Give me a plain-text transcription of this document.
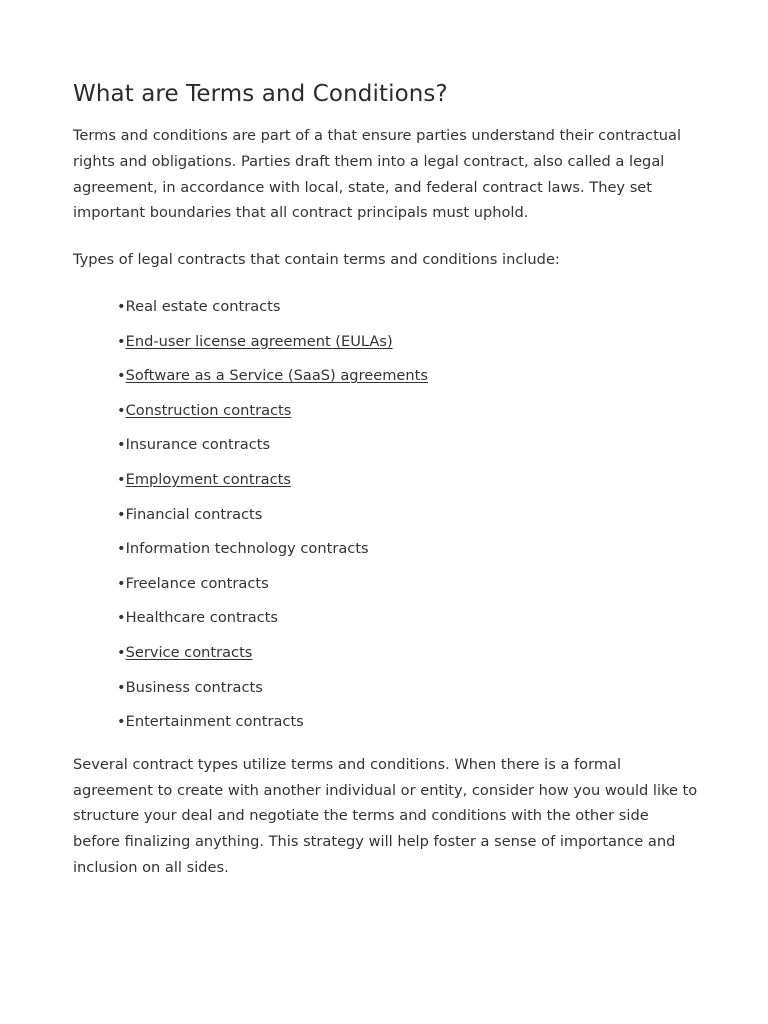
What are Terms and Conditions?

Terms and conditions are part of a that ensure parties understand their contractual rights and obligations. Parties draft them into a legal contract, also called a legal agreement, in accordance with local, state, and federal contract laws. They set important boundaries that all contract principals must uphold.

Types of legal contracts that contain terms and conditions include:

•Real estate contracts
•End-user license agreement (EULAs)
•Software as a Service (SaaS) agreements
•Construction contracts
•Insurance contracts
•Employment contracts
•Financial contracts
•Information technology contracts
•Freelance contracts
•Healthcare contracts
•Service contracts
•Business contracts
•Entertainment contracts

Several contract types utilize terms and conditions. When there is a formal agreement to create with another individual or entity, consider how you would like to structure your deal and negotiate the terms and conditions with the other side before finalizing anything. This strategy will help foster a sense of importance and inclusion on all sides.
